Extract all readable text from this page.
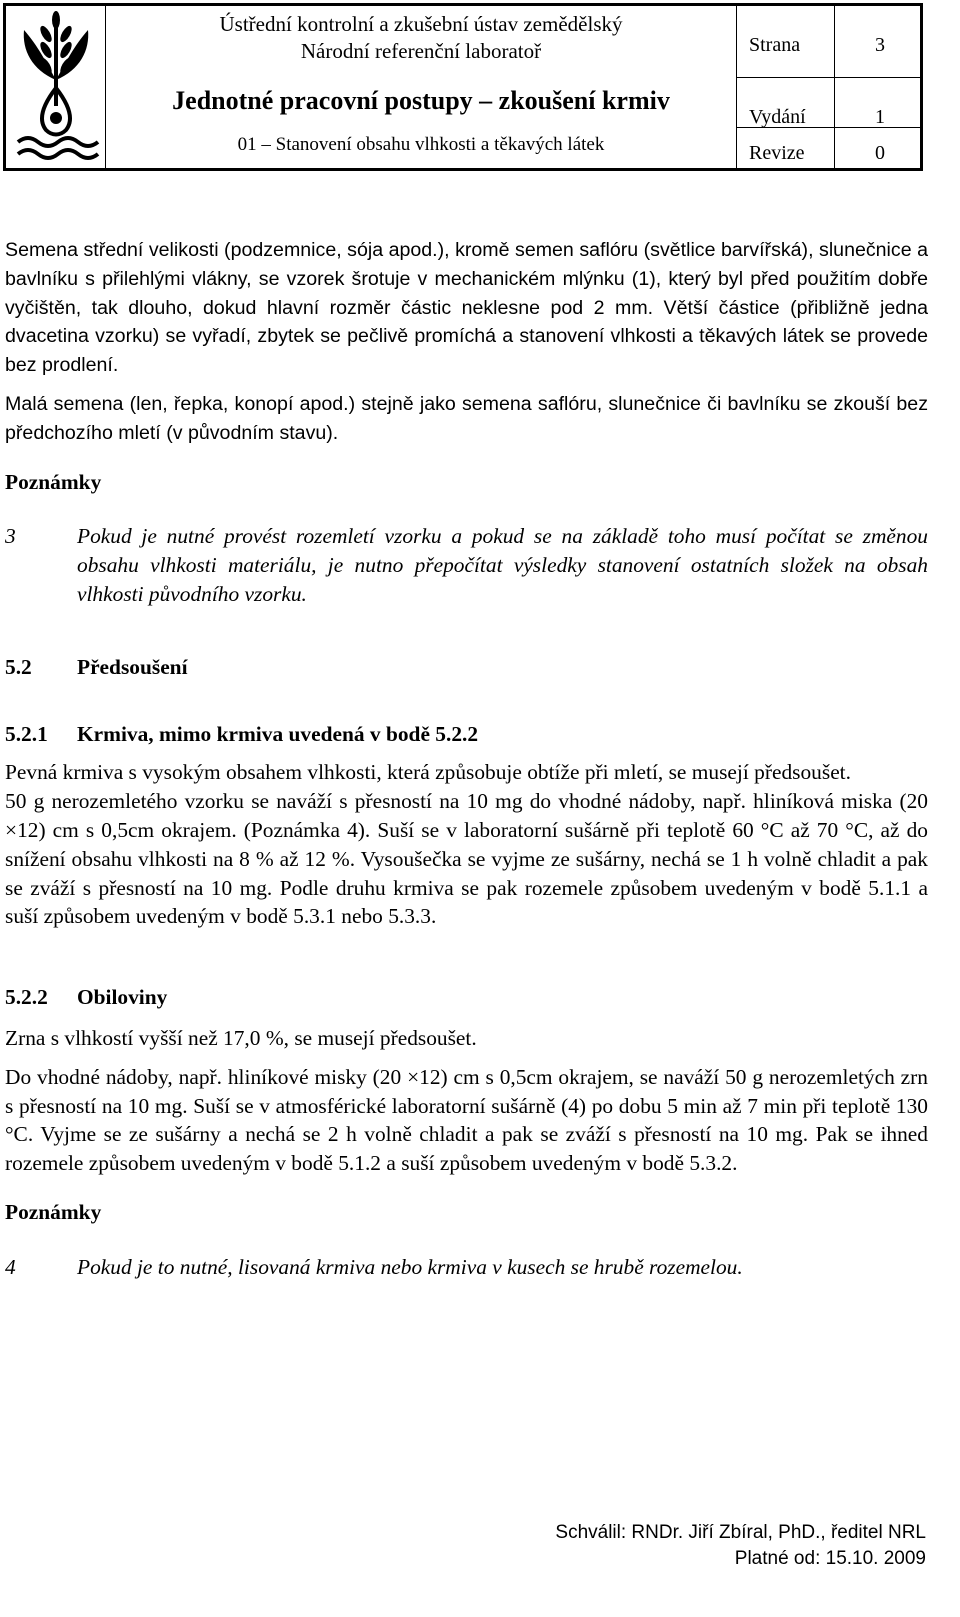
Ústřední kontrolní a zkušební ústav zemědělský
Národní referenční laboratoř
Jednotné pracovní postupy – zkoušení krmiv
01 – Stanovení obsahu vlhkosti a těkavých látek
Strana	3
Vydání	1
Revize	0

Semena střední velikosti (podzemnice, sója apod.), kromě semen saflóru (světlice barvířská), slunečnice a bavlníku s přilehlými vlákny, se vzorek šrotuje v mechanickém mlýnku (1), který byl před použitím dobře vyčištěn, tak dlouho, dokud hlavní rozměr částic neklesne pod 2 mm. Větší částice (přibližně jedna dvacetina vzorku) se vyřadí, zbytek se pečlivě promíchá a stanovení vlhkosti a těkavých látek se provede bez prodlení.

Malá semena (len, řepka, konopí apod.) stejně jako semena saflóru, slunečnice či bavlníku se zkouší bez předchozího mletí (v původním stavu).

Poznámky

3	Pokud je nutné provést rozemletí vzorku a pokud se na základě toho musí počítat se změnou obsahu vlhkosti materiálu, je nutno přepočítat výsledky stanovení ostatních složek na obsah vlhkosti původního vzorku.

5.2 Předsoušení

5.2.1 Krmiva, mimo krmiva uvedená v bodě 5.2.2

Pevná krmiva s vysokým obsahem vlhkosti, která způsobuje obtíže při mletí, se musejí předsoušet.

50 g nerozemletého vzorku se naváží s přesností na 10 mg do vhodné nádoby, např. hliníková miska (20 ×12) cm s 0,5cm okrajem. (Poznámka 4). Suší se v laboratorní sušárně při teplotě 60 °C až 70 °C, až do snížení obsahu vlhkosti na 8 % až 12 %. Vysoušečka se vyjme ze sušárny, nechá se 1 h volně chladit a pak se zváží s přesností na 10 mg. Podle druhu krmiva se pak rozemele způsobem uvedeným v bodě 5.1.1 a suší způsobem uvedeným v bodě 5.3.1 nebo 5.3.3.

5.2.2 Obiloviny

Zrna s vlhkostí vyšší než 17,0 %, se musejí předsoušet.

Do vhodné nádoby, např. hliníkové misky (20 ×12) cm s 0,5cm okrajem, se naváží 50 g nerozemletých zrn s přesností na 10 mg. Suší se v atmosférické laboratorní sušárně (4) po dobu 5 min až 7 min při teplotě 130 °C. Vyjme se ze sušárny a nechá se 2 h volně chladit a pak se zváží s přesností na 10 mg. Pak se ihned rozemele způsobem uvedeným v bodě 5.1.2 a suší způsobem uvedeným v bodě 5.3.2.

Poznámky

4	Pokud je to nutné, lisovaná krmiva nebo krmiva v kusech se hrubě rozemelou.

Schválil: RNDr. Jiří Zbíral, PhD., ředitel NRL
Platné od: 15.10. 2009
